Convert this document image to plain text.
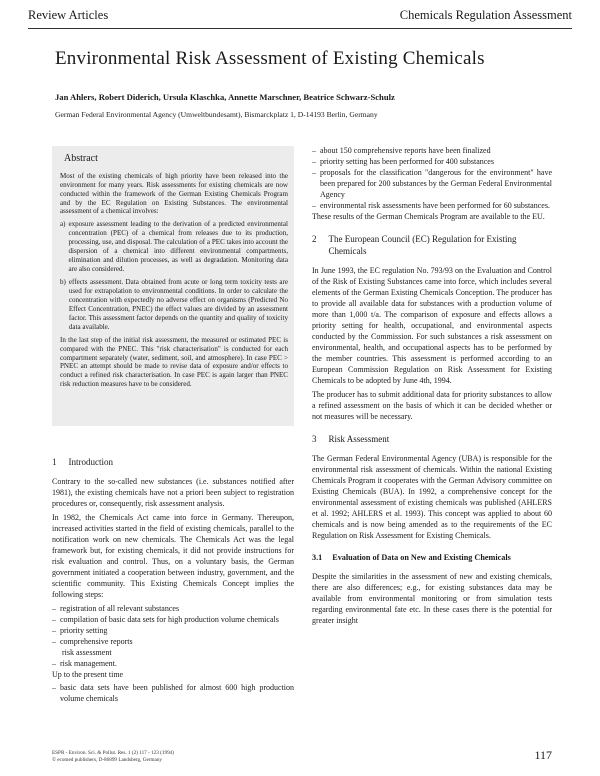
Review Articles	Chemicals Regulation Assessment
Environmental Risk Assessment of Existing Chemicals
Jan Ahlers, Robert Diderich, Ursula Klaschka, Annette Marschner, Beatrice Schwarz-Schulz
German Federal Environmental Agency (Umweltbundesamt), Bismarckplatz 1, D-14193 Berlin, Germany
Abstract

Most of the existing chemicals of high priority have been released into the environment for many years. Risk assessments for existing chemicals are now conducted within the framework of the German Existing Chemicals Program and by the EC Regulation on Existing Substances. The environmental assessment of a chemical involves:

a) exposure assessment leading to the derivation of a predicted environmental concentration (PEC) of a chemical from releases due to its production, processing, use, and disposal. The calculation of a PEC takes into account the dispersion of a chemical into different environmental compartments, elimination and dilution processes, as well as degradation. Monitoring data are also considered.
b) effects assessment. Data obtained from acute or long term toxicity tests are used for extrapolation to environmental conditions. In order to calculate the concentration with expectedly no adverse effect on organisms (Predicted No Effect Concentration, PNEC) the effect values are divided by an assessment factor. This assessment factor depends on the quantity and quality of toxicity data available.

In the last step of the initial risk assessment, the measured or estimated PEC is compared with the PNEC. This "risk characterisation" is conducted for each compartment separately (water, sediment, soil, and atmosphere). In case PEC > PNEC an attempt should be made to revise data of exposure and/or effects to conduct a refined risk characterisation. In case PEC is again larger than PNEC risk reduction measures have to be considered.

1 Introduction

Contrary to the so-called new substances (i.e. substances notified after 1981), the existing chemicals have not a priori been subject to registration procedures or, consequently, risk assessment analysis.

In 1982, the Chemicals Act came into force in Germany. Thereupon, increased activities started in the field of existing chemicals, parallel to the notification work on new chemicals. The Chemicals Act was the legal framework but, for existing chemicals, it did not provide instructions for risk evaluation and control. Thus, on a voluntary basis, the German government initiated a cooperation between industry, government, and the scientific community. This Existing Chemicals Concept implies the following steps:

– registration of all relevant substances
– compilation of basic data sets for high production volume chemicals
– priority setting
– comprehensive reports
risk assessment
– risk management.

Up to the present time

– basic data sets have been published for almost 600 high production volume chemicals
– about 150 comprehensive reports have been finalized
– priority setting has been performed for 400 substances
– proposals for the classification "dangerous for the environment" have been prepared for 200 substances by the German Federal Environmental Agency
– environmental risk assessments have been performed for 60 substances.

These results of the German Chemicals Program are available to the EU.

2 The European Council (EC) Regulation for Existing Chemicals

In June 1993, the EC regulation No. 793/93 on the Evaluation and Control of the Risk of Existing Substances came into force, which includes several elements of the German Existing Chemicals Conception. The producer has to provide all available data for substances with a production volume of more than 1,000 t/a. The comparison of exposure and effects allows a priority setting for health, occupational, and environmental aspects conducted by the Commission. For such substances a risk assessment on environmental, health, and occupational aspects has to be performed by the member countries. This assessment is performed according to an European Commission Regulation on Risk Assessment for Existing Chemicals to be adopted by June 4th, 1994.

The producer has to submit additional data for priority substances to allow a refined assessment on the basis of which it can be decided whether or not measures will be necessary.

3 Risk Assessment

The German Federal Environmental Agency (UBA) is responsible for the environmental risk assessment of chemicals. Within the national Existing Chemicals Program it cooperates with the German Advisory committee on Existing Chemicals (BUA). In 1992, a comprehensive concept for the environmental assessment of existing chemicals was published (AHLERS et al. 1992; AHLERS et al. 1993). This concept was applied to about 60 chemicals and is now being amended as to the requirements of the EC Regulation on Risk Assessment for Existing Chemicals.

3.1 Evaluation of Data on New and Existing Chemicals

Despite the similarities in the assessment of new and existing chemicals, there are also differences; e.g., for existing substances data may be available from environmental monitoring or from simulation tests regarding environmental fate etc. In these cases there is the potential for greater insight

ESPR - Environ. Sci. & Pollut. Res. 1 (2) 117 - 123 (1994)
© ecomed publishers, D-86899 Landsberg, Germany	117
